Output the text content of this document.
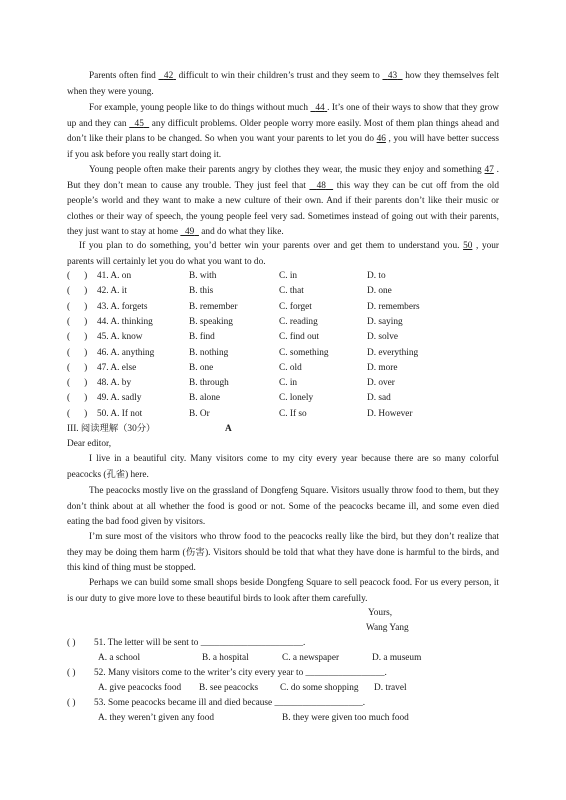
Parents often find   42  difficult to win their children’s trust and they seem to   43   how they themselves felt when they were young.
For example, young people like to do things without much   44 . It’s one of their ways to show that they grow up and they can   45   any difficult problems. Older people worry more easily. Most of them plan things ahead and don’t like their plans to be changed. So when you want your parents to let you do 46 , you will have better success if you ask before you really start doing it.
Young people often make their parents angry by clothes they wear, the music they enjoy and something 47 . But they don’t mean to cause any trouble. They just feel that   48   this way they can be cut off from the old people’s world and they want to make a new culture of their own. And if their parents don’t like their music or clothes or their way of speech, the young people feel very sad. Sometimes instead of going out with their parents, they just want to stay at home   49   and do what they like.
If you plan to do something, you’d better win your parents over and get them to understand you. 50 , your parents will certainly let you do what you want to do.
( ) 41. A. on	B. with	C. in	D. to
( ) 42. A. it	B. this	C. that	D. one
( ) 43. A. forgets	B. remember	C. forget	D. remembers
( ) 44. A. thinking	B. speaking	C. reading	D. saying
( ) 45. A. know	B. find	C. find out	D. solve
( ) 46. A. anything	B. nothing	C. something	D. everything
( ) 47. A. else	B. one	C. old	D. more
( ) 48. A. by	B. through	C. in	D. over
( ) 49. A. sadly	B. alone	C. lonely	D. sad
( ) 50. A. If not	B. Or	C. If so	D. However
III. 阅读理解（30分）	A
Dear editor,
I live in a beautiful city. Many visitors come to my city every year because there are so many colorful peacocks (孔雀) here.
The peacocks mostly live on the grassland of Dongfeng Square. Visitors usually throw food to them, but they don’t think about at all whether the food is good or not. Some of the peacocks became ill, and some even died eating the bad food given by visitors.
I’m sure most of the visitors who throw food to the peacocks really like the bird, but they don’t realize that they may be doing them harm (伤害). Visitors should be told that what they have done is harmful to the birds, and this kind of thing must be stopped.
Perhaps we can build some small shops beside Dongfeng Square to sell peacock food. For us every person, it is our duty to give more love to these beautiful birds to look after them carefully.
Yours,
Wang Yang
( ) 51. The letter will be sent to ______________________.
A. a school	B. a hospital	C. a newspaper	D. a museum
( ) 52. Many visitors come to the writer’s city every year to _________________.
A. give peacocks food B. see peacocks C. do some shopping D. travel
( ) 53. Some peacocks became ill and died because ___________________.
A. they weren’t given any food	B. they were given too much food
